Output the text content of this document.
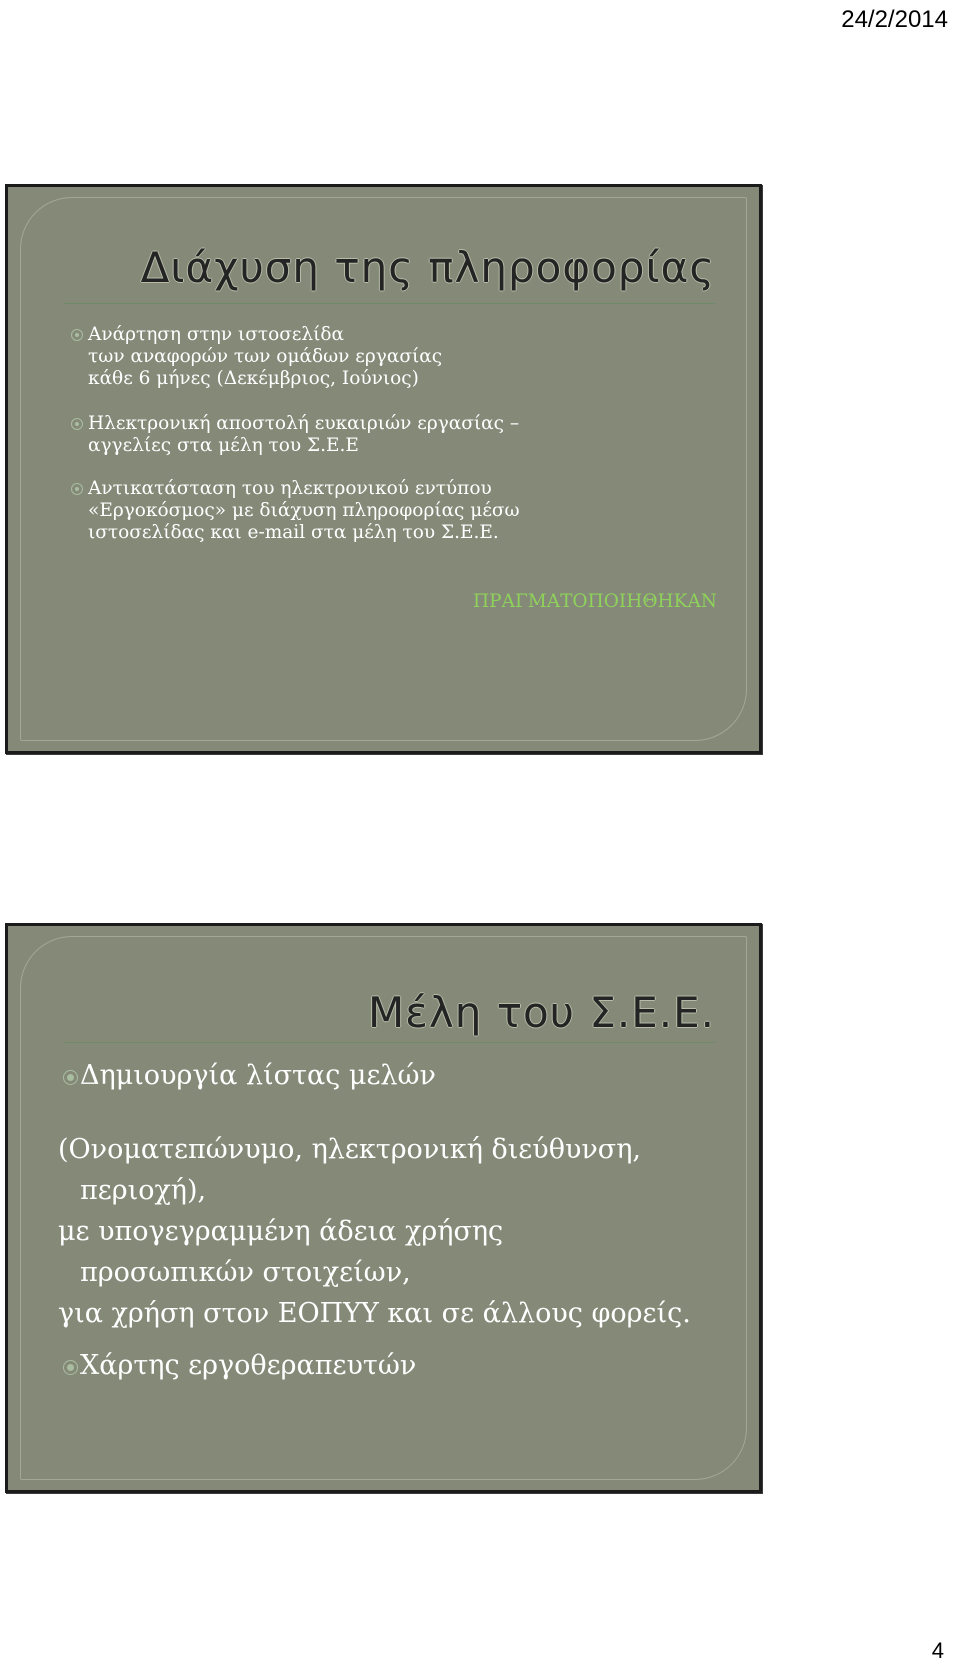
24/2/2014
Διάχυση της πληροφορίας
Ανάρτηση στην ιστοσελίδα
των αναφορών των ομάδων εργασίας
κάθε 6 μήνες (Δεκέμβριος, Ιούνιος)
Ηλεκτρονική αποστολή ευκαιριών εργασίας –
αγγελίες στα μέλη του Σ.Ε.Ε
Αντικατάσταση του ηλεκτρονικού εντύπου
«Εργοκόσμος» με διάχυση πληροφορίας μέσω
ιστοσελίδας και e-mail στα μέλη του Σ.Ε.Ε.

ΠΡΑΓΜΑΤΟΠΟΙΗΘΗΚΑΝ

Μέλη του Σ.Ε.Ε.
Δημιουργία λίστας μελών

(Ονοματεπώνυμο, ηλεκτρονική διεύθυνση,
περιοχή),
με υπογεγραμμένη άδεια χρήσης
προσωπικών στοιχείων,
για χρήση στον ΕΟΠΥΥ και σε άλλους φορείς.

Χάρτης εργοθεραπευτών
4
